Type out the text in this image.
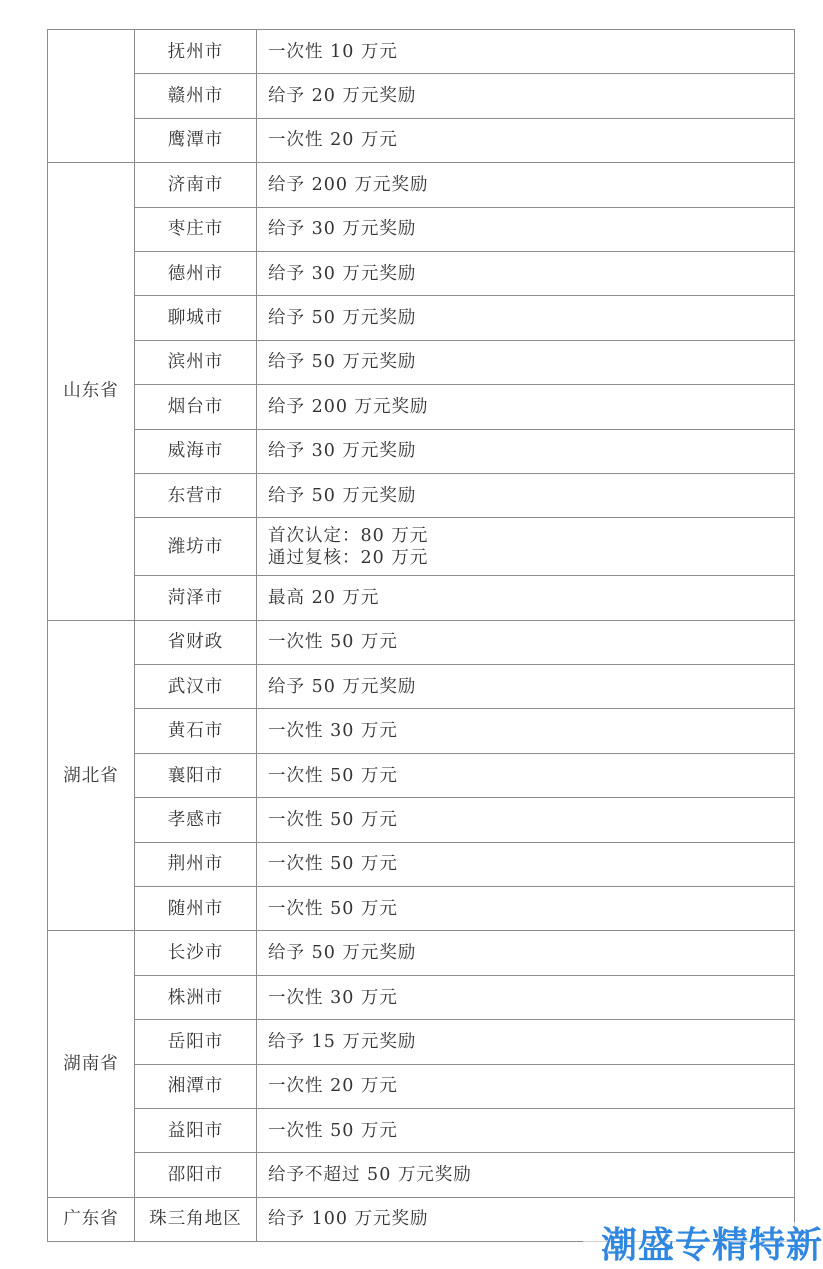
	抚州市	一次性 10 万元

	赣州市	给予 20 万元奖励

	鹰潭市	一次性 20 万元

山东省	济南市	给予 200 万元奖励

	枣庄市	给予 30 万元奖励

	德州市	给予 30 万元奖励

	聊城市	给予 50 万元奖励

	滨州市	给予 50 万元奖励

	烟台市	给予 200 万元奖励

	威海市	给予 30 万元奖励

	东营市	给予 50 万元奖励

	潍坊市	首次认定：80 万元
通过复核：20 万元

	菏泽市	最高 20 万元

湖北省	省财政	一次性 50 万元

	武汉市	给予 50 万元奖励

	黄石市	一次性 30 万元

	襄阳市	一次性 50 万元

	孝感市	一次性 50 万元

	荆州市	一次性 50 万元

	随州市	一次性 50 万元

湖南省	长沙市	给予 50 万元奖励

	株洲市	一次性 30 万元

	岳阳市	给予 15 万元奖励

	湘潭市	一次性 20 万元

	益阳市	一次性 50 万元

	邵阳市	给予不超过 50 万元奖励

广东省	珠三角地区	给予 100 万元奖励
潮盛专精特新
